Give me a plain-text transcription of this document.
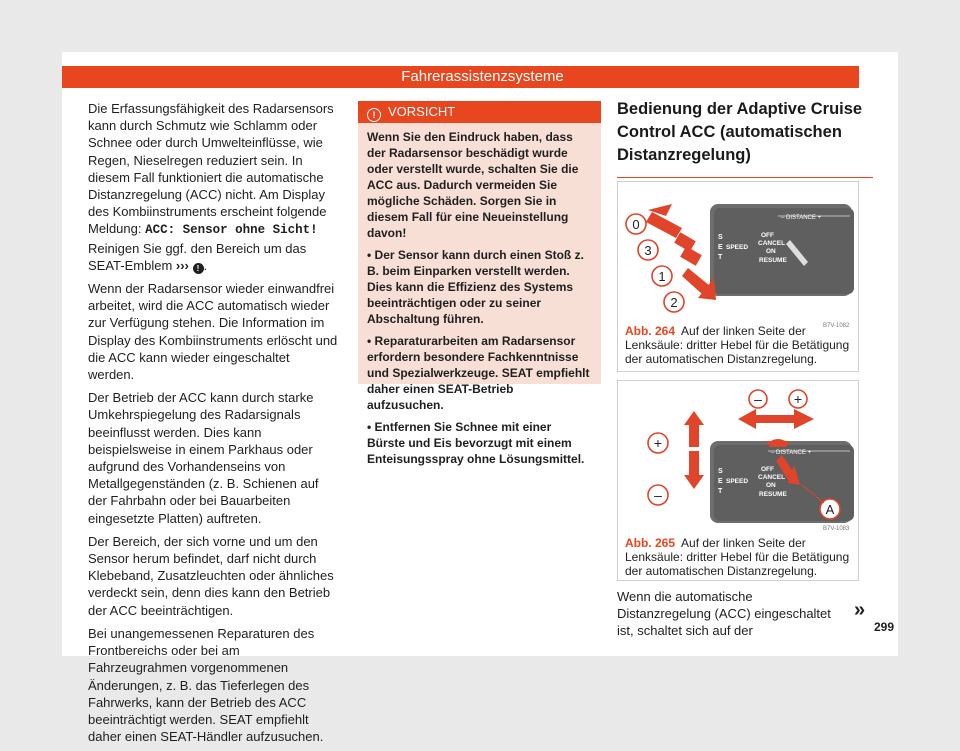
Fahrerassistenzsysteme

Die Erfassungsfähigkeit des Radarsensors kann durch Schmutz wie Schlamm oder Schnee oder durch Umwelteinflüsse, wie Regen, Nieselregen reduziert sein. In diesem Fall funktioniert die automatische Distanzregelung (ACC) nicht. Am Display des Kombiinstruments erscheint folgende Meldung: ACC: Sensor ohne Sicht! Reinigen Sie ggf. den Bereich um das SEAT-Emblem ››› ! .

Wenn der Radarsensor wieder einwandfrei arbeitet, wird die ACC automatisch wieder zur Verfügung stehen. Die Information im Display des Kombiinstruments erlöscht und die ACC kann wieder eingeschaltet werden.

Der Betrieb der ACC kann durch starke Umkehrspiegelung des Radarsignals beeinflusst werden. Dies kann beispielsweise in einem Parkhaus oder aufgrund des Vorhandenseins von Metallgegenständen (z. B. Schienen auf der Fahrbahn oder bei Bauarbeiten eingesetzte Platten) auftreten.

Der Bereich, der sich vorne und um den Sensor herum befindet, darf nicht durch Klebeband, Zusatzleuchten oder ähnliches verdeckt sein, denn dies kann den Betrieb der ACC beeinträchtigen.

Bei unangemessenen Reparaturen des Frontbereichs oder bei am Fahrzeugrahmen vorgenommenen Änderungen, z. B. das Tieferlegen des Fahrwerks, kann der Betrieb des ACC beeinträchtigt werden. SEAT empfiehlt daher einen SEAT-Händler aufzusuchen.

! VORSICHT

Wenn Sie den Eindruck haben, dass der Radarsensor beschädigt wurde oder verstellt wurde, schalten Sie die ACC aus. Dadurch vermeiden Sie mögliche Schäden. Sorgen Sie in diesem Fall für eine Neueinstellung davon!

• Der Sensor kann durch einen Stoß z. B. beim Einparken verstellt werden. Dies kann die Effizienz des Systems beeinträchtigen oder zu seiner Abschaltung führen.

• Reparaturarbeiten am Radarsensor erfordern besondere Fachkenntnisse und Spezialwerkzeuge. SEAT empfiehlt daher einen SEAT-Betrieb aufzusuchen.

• Entfernen Sie Schnee mit einer Bürste und Eis bevorzugt mit einem Enteisungsspray ohne Lösungsmittel.

Bedienung der Adaptive Cruise Control ACC (automatischen Distanzregelung)
– DISTANCE +
S
E
T
SPEED
OFF
CANCEL
ON
RESUME
0
3
1
2
B7V-1082
Abb. 264 Auf der linken Seite der Lenksäule: dritter Hebel für die Betätigung der automatischen Distanzregelung.
– DISTANCE +
S
E
T
SPEED
OFF
CANCEL
ON
RESUME
– +
+
–
A
B7V-1083
Abb. 265 Auf der linken Seite der Lenksäule: dritter Hebel für die Betätigung der automatischen Distanzregelung.
Wenn die automatische Distanzregelung (ACC) eingeschaltet ist, schaltet sich auf der
»
299
